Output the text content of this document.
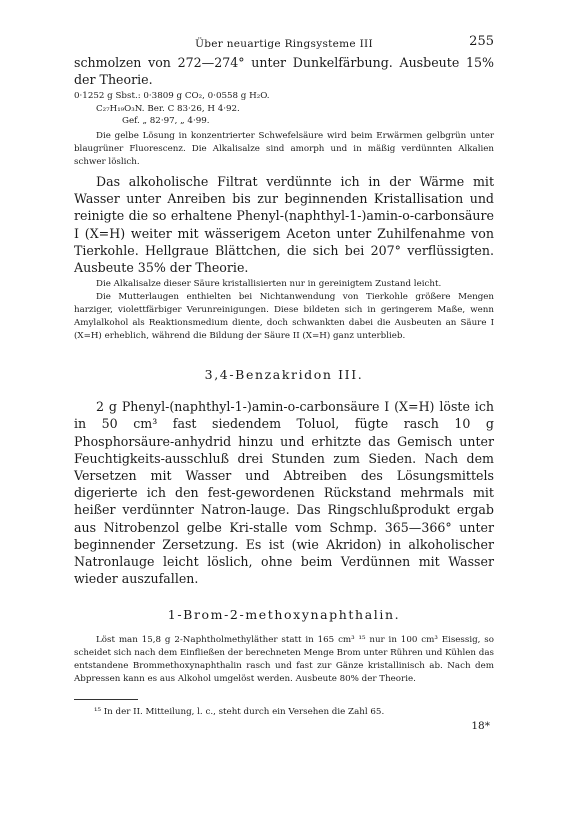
Über neuartige Ringsysteme III	255

schmolzen von 272—274° unter Dunkelfärbung. Ausbeute 15% der Theorie.

0·1252 g Sbst.: 0·3809 g CO₂, 0·0558 g H₂O.
C₂₇H₁₉O₃N. Ber. C 83·26, H 4·92.
Gef. „ 82·97, „ 4·99.

Die gelbe Lösung in konzentrierter Schwefelsäure wird beim Erwärmen gelbgrün unter blaugrüner Fluorescenz. Die Alkalisalze sind amorph und in mäßig verdünnten Alkalien schwer löslich.

Das alkoholische Filtrat verdünnte ich in der Wärme mit Wasser unter Anreiben bis zur beginnenden Kristallisation und reinigte die so erhaltene Phenyl-(naphthyl-1-)amin-o-carbonsäure I (X=H) weiter mit wässerigem Aceton unter Zuhilfenahme von Tierkohle. Hellgraue Blättchen, die sich bei 207° verflüssigten. Ausbeute 35% der Theorie.

Die Alkalisalze dieser Säure kristallisierten nur in gereinigtem Zustand leicht.

Die Mutterlaugen enthielten bei Nichtanwendung von Tierkohle größere Mengen harziger, violettfärbiger Verunreinigungen. Diese bildeten sich in geringerem Maße, wenn Amylalkohol als Reaktionsmedium diente, doch schwankten dabei die Ausbeuten an Säure I (X=H) erheblich, während die Bildung der Säure II (X=H) ganz unterblieb.

3,4-Benzakridon III.

2 g Phenyl-(naphthyl-1-)amin-o-carbonsäure I (X=H) löste ich in 50 cm³ fast siedendem Toluol, fügte rasch 10 g Phosphorsäure-anhydrid hinzu und erhitzte das Gemisch unter Feuchtigkeits-ausschluß drei Stunden zum Sieden. Nach dem Versetzen mit Wasser und Abtreiben des Lösungsmittels digerierte ich den fest-gewordenen Rückstand mehrmals mit heißer verdünnter Natron-lauge. Das Ringschlußprodukt ergab aus Nitrobenzol gelbe Kri-stalle vom Schmp. 365—366° unter beginnender Zersetzung. Es ist (wie Akridon) in alkoholischer Natronlauge leicht löslich, ohne beim Verdünnen mit Wasser wieder auszufallen.

1-Brom-2-methoxynaphthalin.

Löst man 15,8 g 2-Naphtholmethyläther statt in 165 cm³ ¹⁵ nur in 100 cm³ Eisessig, so scheidet sich nach dem Einfließen der berechneten Menge Brom unter Rühren und Kühlen das entstandene Brommethoxynaphthalin rasch und fast zur Gänze kristallinisch ab. Nach dem Abpressen kann es aus Alkohol umgelöst werden. Ausbeute 80% der Theorie.

¹⁵ In der II. Mitteilung, l. c., steht durch ein Versehen die Zahl 65.

18*
